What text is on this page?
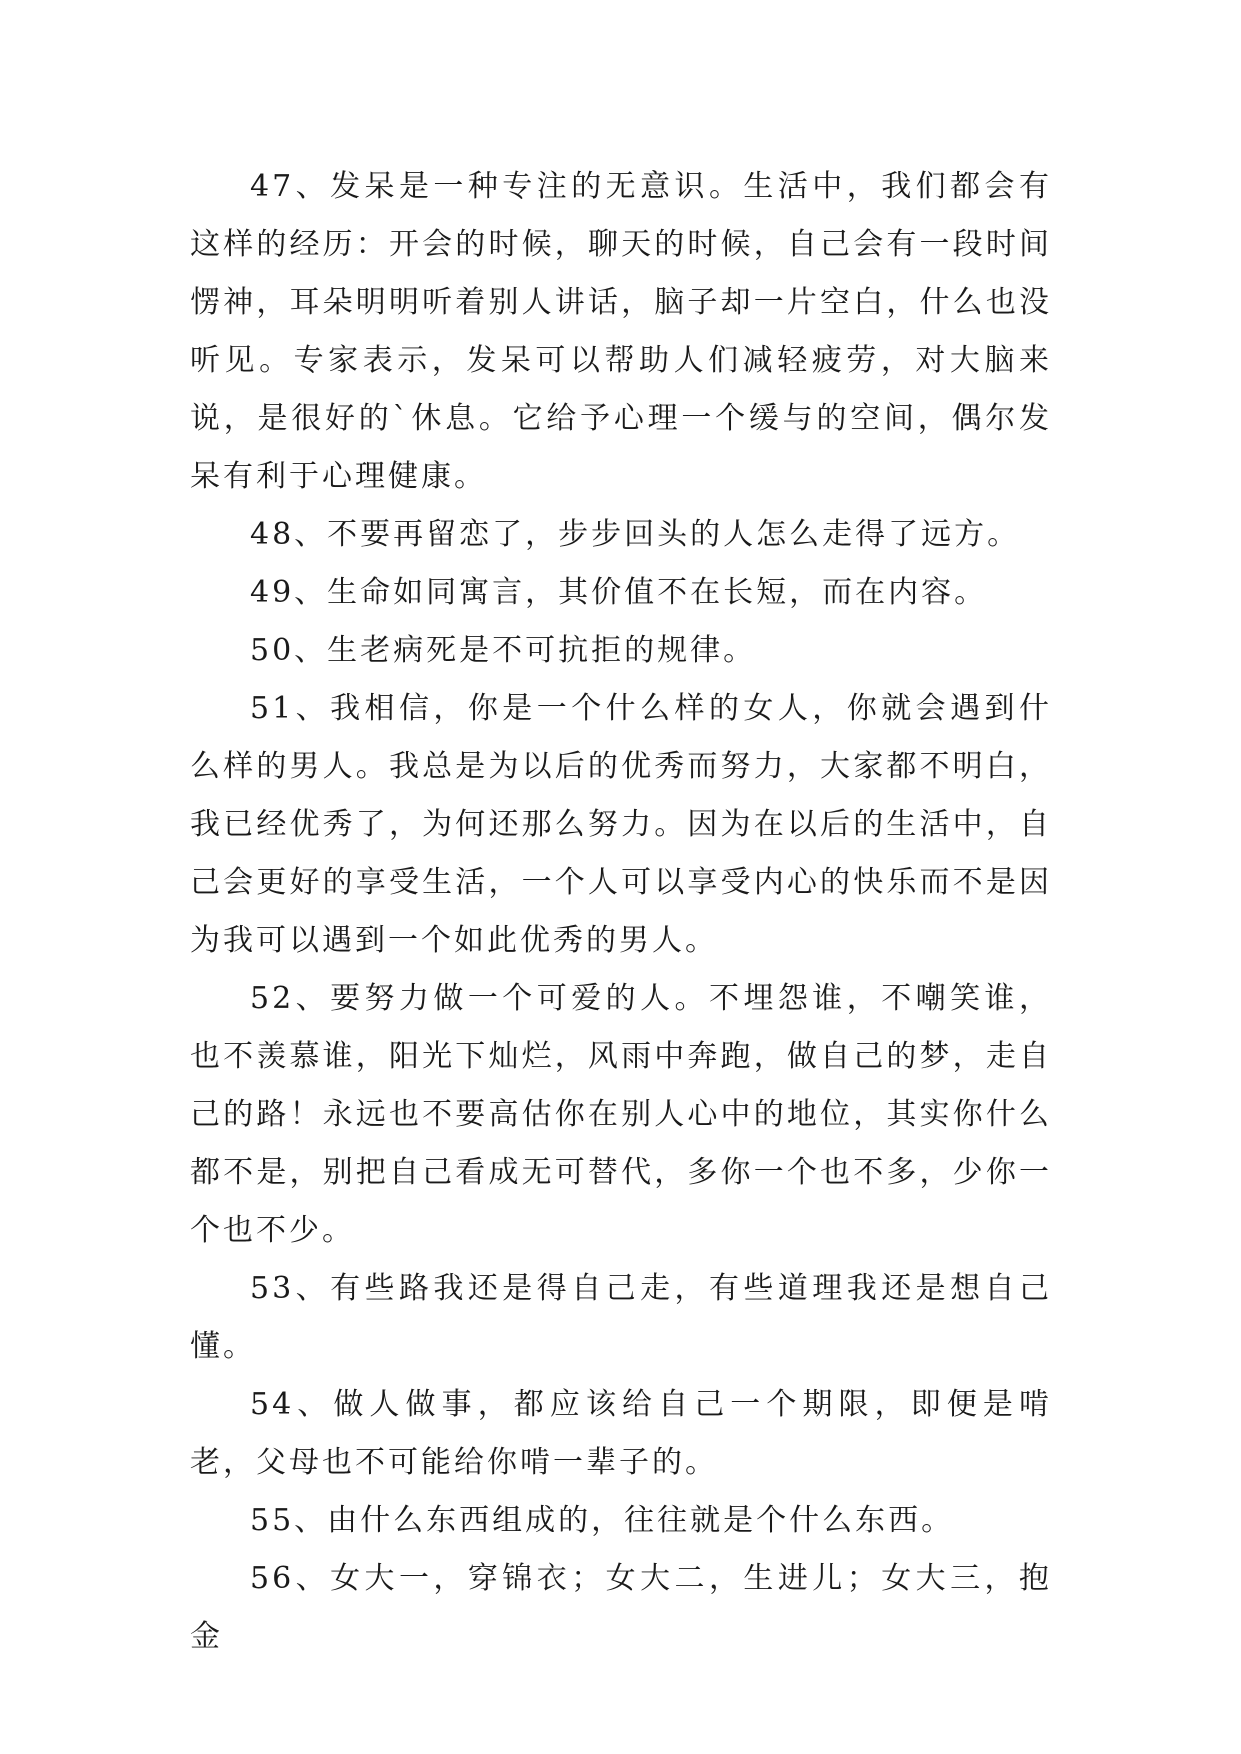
47、发呆是一种专注的无意识。生活中，我们都会有这样的经历：开会的时候，聊天的时候，自己会有一段时间愣神，耳朵明明听着别人讲话，脑子却一片空白，什么也没听见。专家表示，发呆可以帮助人们减轻疲劳，对大脑来说，是很好的`休息。它给予心理一个缓与的空间，偶尔发呆有利于心理健康。

48、不要再留恋了，步步回头的人怎么走得了远方。

49、生命如同寓言，其价值不在长短，而在内容。

50、生老病死是不可抗拒的规律。

51、我相信，你是一个什么样的女人，你就会遇到什么样的男人。我总是为以后的优秀而努力，大家都不明白，我已经优秀了，为何还那么努力。因为在以后的生活中，自己会更好的享受生活，一个人可以享受内心的快乐而不是因为我可以遇到一个如此优秀的男人。

52、要努力做一个可爱的人。不埋怨谁，不嘲笑谁，也不羡慕谁，阳光下灿烂，风雨中奔跑，做自己的梦，走自己的路！永远也不要高估你在别人心中的地位，其实你什么都不是，别把自己看成无可替代，多你一个也不多，少你一个也不少。

53、有些路我还是得自己走，有些道理我还是想自己懂。

54、做人做事，都应该给自己一个期限，即便是啃老，父母也不可能给你啃一辈子的。

55、由什么东西组成的，往往就是个什么东西。

56、女大一，穿锦衣；女大二，生进儿；女大三，抱金
